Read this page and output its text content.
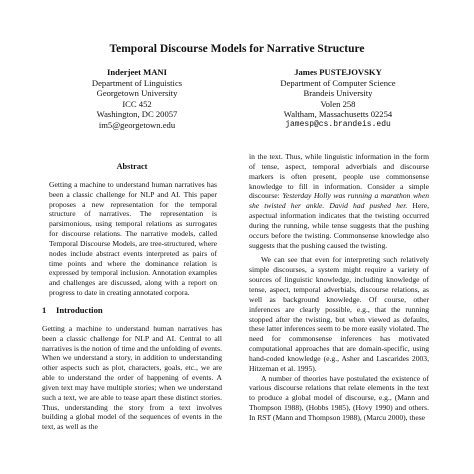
Temporal Discourse Models for Narrative Structure
Inderjeet MANI
Department of Linguistics
Georgetown University
ICC 452
Washington, DC 20057
im5@georgetown.edu
James PUSTEJOVSKY
Department of Computer Science
Brandeis University
Volen 258
Waltham, Massachusetts 02254
jamesp@cs.brandeis.edu
Abstract
Getting a machine to understand human narratives has been a classic challenge for NLP and AI. This paper proposes a new representation for the temporal structure of narratives. The representation is parsimonious, using temporal relations as surrogates for discourse relations. The narrative models, called Temporal Discourse Models, are tree-structured, where nodes include abstract events interpreted as pairs of time points and where the dominance relation is expressed by temporal inclusion. Annotation examples and challenges are discussed, along with a report on progress to date in creating annotated corpora.
1 Introduction
Getting a machine to understand human narratives has been a classic challenge for NLP and AI. Central to all narratives is the notion of time and the unfolding of events. When we understand a story, in addition to understanding other aspects such as plot, characters, goals, etc., we are able to understand the order of happening of events. A given text may have multiple stories; when we understand such a text, we are able to tease apart these distinct stories. Thus, understanding the story from a text involves building a global model of the sequences of events in the text, as well as the
in the text. Thus, while linguistic information in the form of tense, aspect, temporal adverbials and discourse markers is often present, people use commonsense knowledge to fill in information. Consider a simple discourse: Yesterday Holly was running a marathon when she twisted her ankle. David had pushed her. Here, aspectual information indicates that the twisting occurred during the running, while tense suggests that the pushing occurs before the twisting. Commonsense knowledge also suggests that the pushing caused the twisting.
We can see that even for interpreting such relatively simple discourses, a system might require a variety of sources of linguistic knowledge, including knowledge of tense, aspect, temporal adverbials, discourse relations, as well as background knowledge. Of course, other inferences are clearly possible, e.g., that the running stopped after the twisting, but when viewed as defaults, these latter inferences seem to be more easily violated. The need for commonsense inferences has motivated computational approaches that are domain-specific, using hand-coded knowledge (e.g., Asher and Lascarides 2003, Hitzeman et al. 1995).
A number of theories have postulated the existence of various discourse relations that relate elements in the text to produce a global model of discourse, e.g., (Mann and Thompson 1988), (Hobbs 1985), (Hovy 1990) and others. In RST (Mann and Thompson 1988), (Marcu 2000), these
